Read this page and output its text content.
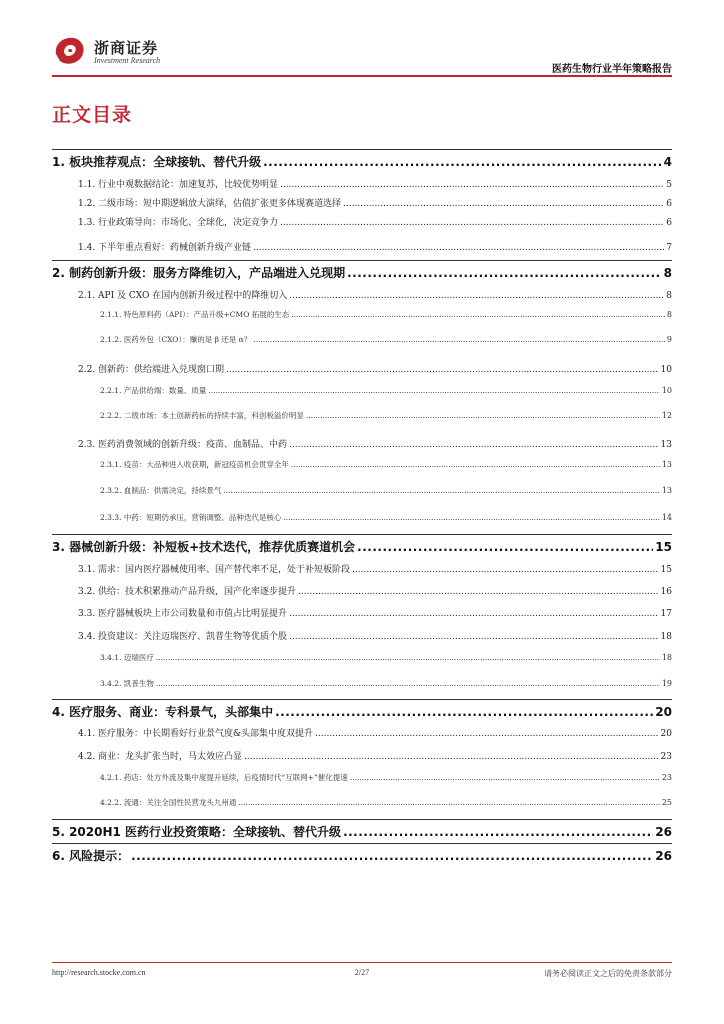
浙商证券
Investment Research
医药生物行业半年策略报告
正文目录
1. 板块推荐观点：全球接轨、替代升级 .....	4
1.1. 行业中观数据结论：加速复苏，比较优势明显 .....	5
1.2. 二级市场：短中期逻辑放大演绎，估值扩张更多体现赛道选择 .....	6
1.3. 行业政策导向：市场化、全球化，决定竞争力 .....	6
1.4. 下半年重点看好：药械创新升级产业链 .....	7
2. 制药创新升级：服务方降维切入，产品端进入兑现期 .....	8
2.1. API 及 CXO 在国内创新升级过程中的降维切入 .....	8
2.1.1. 特色原料药（API）：产品升级+CMO 拓展的生态 .....	8
2.1.2. 医药外包（CXO）：赚的是 β 还是 α？ .....	9
2.2. 创新药：供给端进入兑现窗口期 .....	10
2.2.1. 产品供给端：数量、质量 .....	10
2.2.2. 二级市场：本土创新药标的持续丰富，科创板溢价明显 .....	12
2.3. 医药消费领域的创新升级：疫苗、血制品、中药 .....	13
2.3.1. 疫苗：大品种进入收获期，新冠疫苗机会贯穿全年 .....	13
2.3.2. 血制品：供需决定，持续景气 .....	13
2.3.3. 中药：短期仍承压，营销调整、品种迭代是核心 .....	14
3. 器械创新升级：补短板+技术迭代，推荐优质赛道机会 .....	15
3.1. 需求：国内医疗器械使用率、国产替代率不足，处于补短板阶段 .....	15
3.2. 供给：技术积累推动产品升级，国产化率逐步提升 .....	16
3.3. 医疗器械板块上市公司数量和市值占比明显提升 .....	17
3.4. 投资建议：关注迈瑞医疗、凯普生物等优质个股 .....	18
3.4.1. 迈瑞医疗 .....	18
3.4.2. 凯普生物 .....	19
4. 医疗服务、商业：专科景气，头部集中 .....	20
4.1. 医疗服务：中长期看好行业景气度&头部集中度双提升 .....	20
4.2. 商业：龙头扩张当时，马太效应凸显 .....	23
4.2.1. 药店：处方外流及集中度提升延续，后疫情时代“互联网+”催化提速 .....	23
4.2.2. 流通：关注全国性民营龙头九州通 .....	25
5. 2020H1 医药行业投资策略：全球接轨、替代升级 .....	26
6. 风险提示： .....	26
http://research.stocke.com.cn	2/27	请务必阅读正文之后的免责条款部分
